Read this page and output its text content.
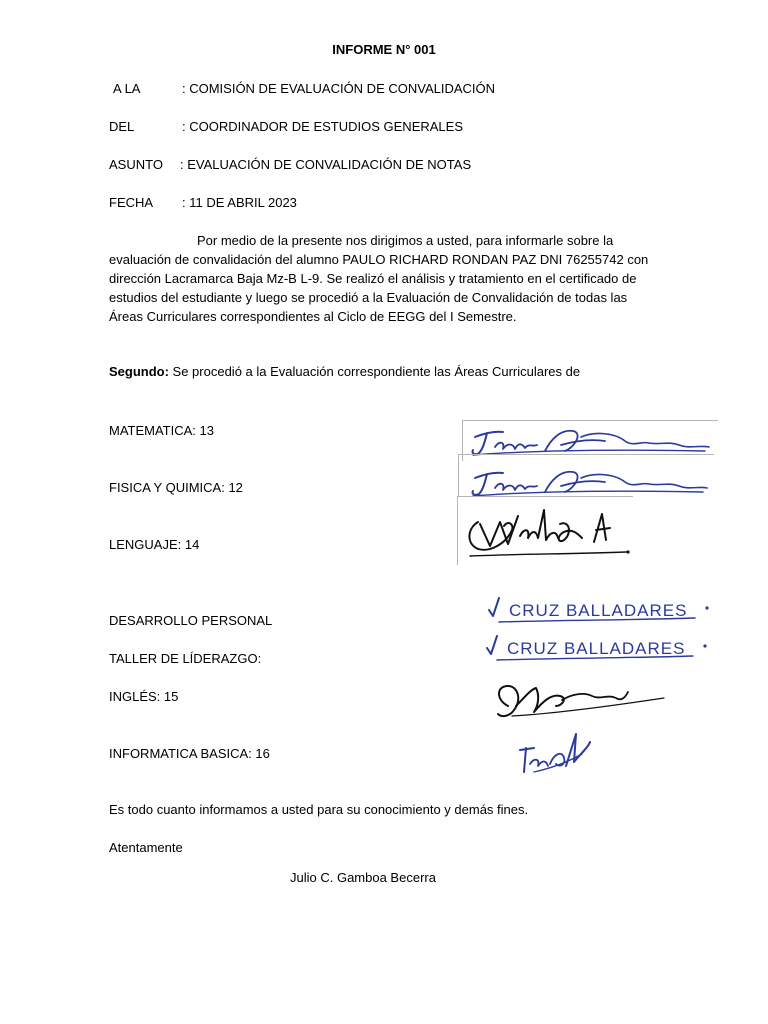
INFORME N° 001
A LA	: COMISIÓN DE EVALUACIÓN DE CONVALIDACIÓN
DEL	: COORDINADOR DE ESTUDIOS GENERALES
ASUNTO : EVALUACIÓN DE CONVALIDACIÓN DE NOTAS
FECHA : 11 DE ABRIL 2023
Por medio de la presente nos dirigimos a usted, para informarle sobre la evaluación de convalidación del alumno PAULO RICHARD RONDAN PAZ DNI 76255742 con dirección Lacramarca Baja Mz-B L-9. Se realizó el análisis y tratamiento en el certificado de estudios del estudiante y luego se procedió a la Evaluación de Convalidación de todas las Áreas Curriculares correspondientes al Ciclo de EEGG del I Semestre.
Segundo: Se procedió a la Evaluación correspondiente las Áreas Curriculares de
MATEMATICA: 13
FISICA Y QUIMICA: 12
LENGUAJE: 14
DESARROLLO PERSONAL
TALLER DE LÍDERAZGO:
INGLÉS: 15
INFORMATICA BASICA: 16
Es todo cuanto informamos a usted para su conocimiento y demás fines.
Atentamente
Julio C. Gamboa Becerra
CRUZ BALLADARES
CRUZ BALLADARES
